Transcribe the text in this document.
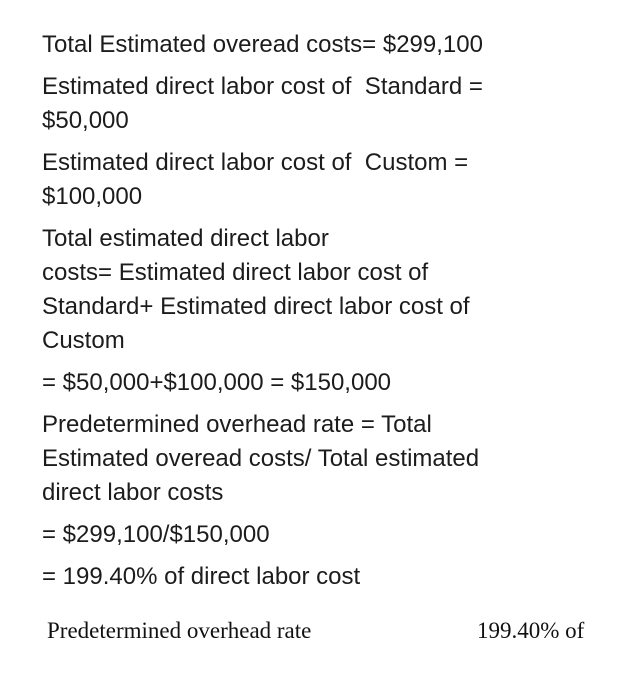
Total Estimated overead costs= $299,100
Estimated direct labor cost of  Standard =
$50,000
Estimated direct labor cost of  Custom =
$100,000
Total estimated direct labor
costs= Estimated direct labor cost of
Standard+ Estimated direct labor cost of
Custom
= $50,000+$100,000 = $150,000
Predetermined overhead rate = Total
Estimated overead costs/ Total estimated
direct labor costs
= $299,100/$150,000
= 199.40% of direct labor cost
Predetermined overhead rate	199.40% of
